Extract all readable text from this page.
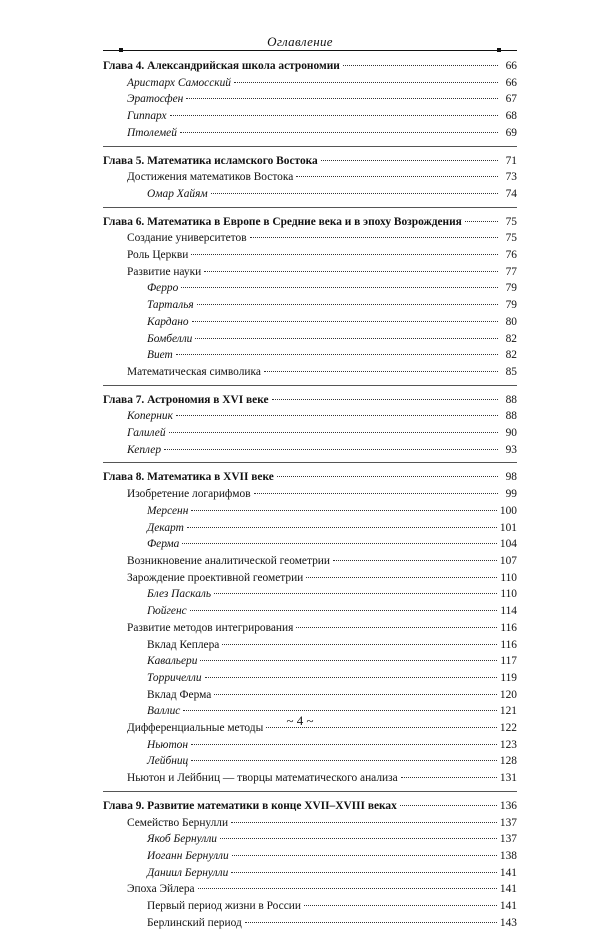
Оглавление
Глава 4. Александрийская школа астрономии	66
Аристарх Самосский	66
Эратосфен	67
Гиппарх	68
Птолемей	69
Глава 5. Математика исламского Востока	71
Достижения математиков Востока	73
Омар Хайям	74
Глава 6. Математика в Европе в Средние века и в эпоху Возрождения	75
Создание университетов	75
Роль Церкви	76
Развитие науки	77
Ферро	79
Тарталья	79
Кардано	80
Бомбелли	82
Виет	82
Математическая символика	85
Глава 7. Астрономия в XVI веке	88
Коперник	88
Галилей	90
Кеплер	93
Глава 8. Математика в XVII веке	98
Изобретение логарифмов	99
Мерсенн	100
Декарт	101
Ферма	104
Возникновение аналитической геометрии	107
Зарождение проективной геометрии	110
Блез Паскаль	110
Гюйгенс	114
Развитие методов интегрирования	116
Вклад Кеплера	116
Кавальери	117
Торричелли	119
Вклад Ферма	120
Валлис	121
Дифференциальные методы	122
Ньютон	123
Лейбниц	128
Ньютон и Лейбниц — творцы математического анализа	131
Глава 9. Развитие математики в конце XVII–XVIII веках	136
Семейство Бернулли	137
Якоб Бернулли	137
Иоганн Бернулли	138
Даниил Бернулли	141
Эпоха Эйлера	141
Первый период жизни в России	141
Берлинский период	143
~ 4 ~
